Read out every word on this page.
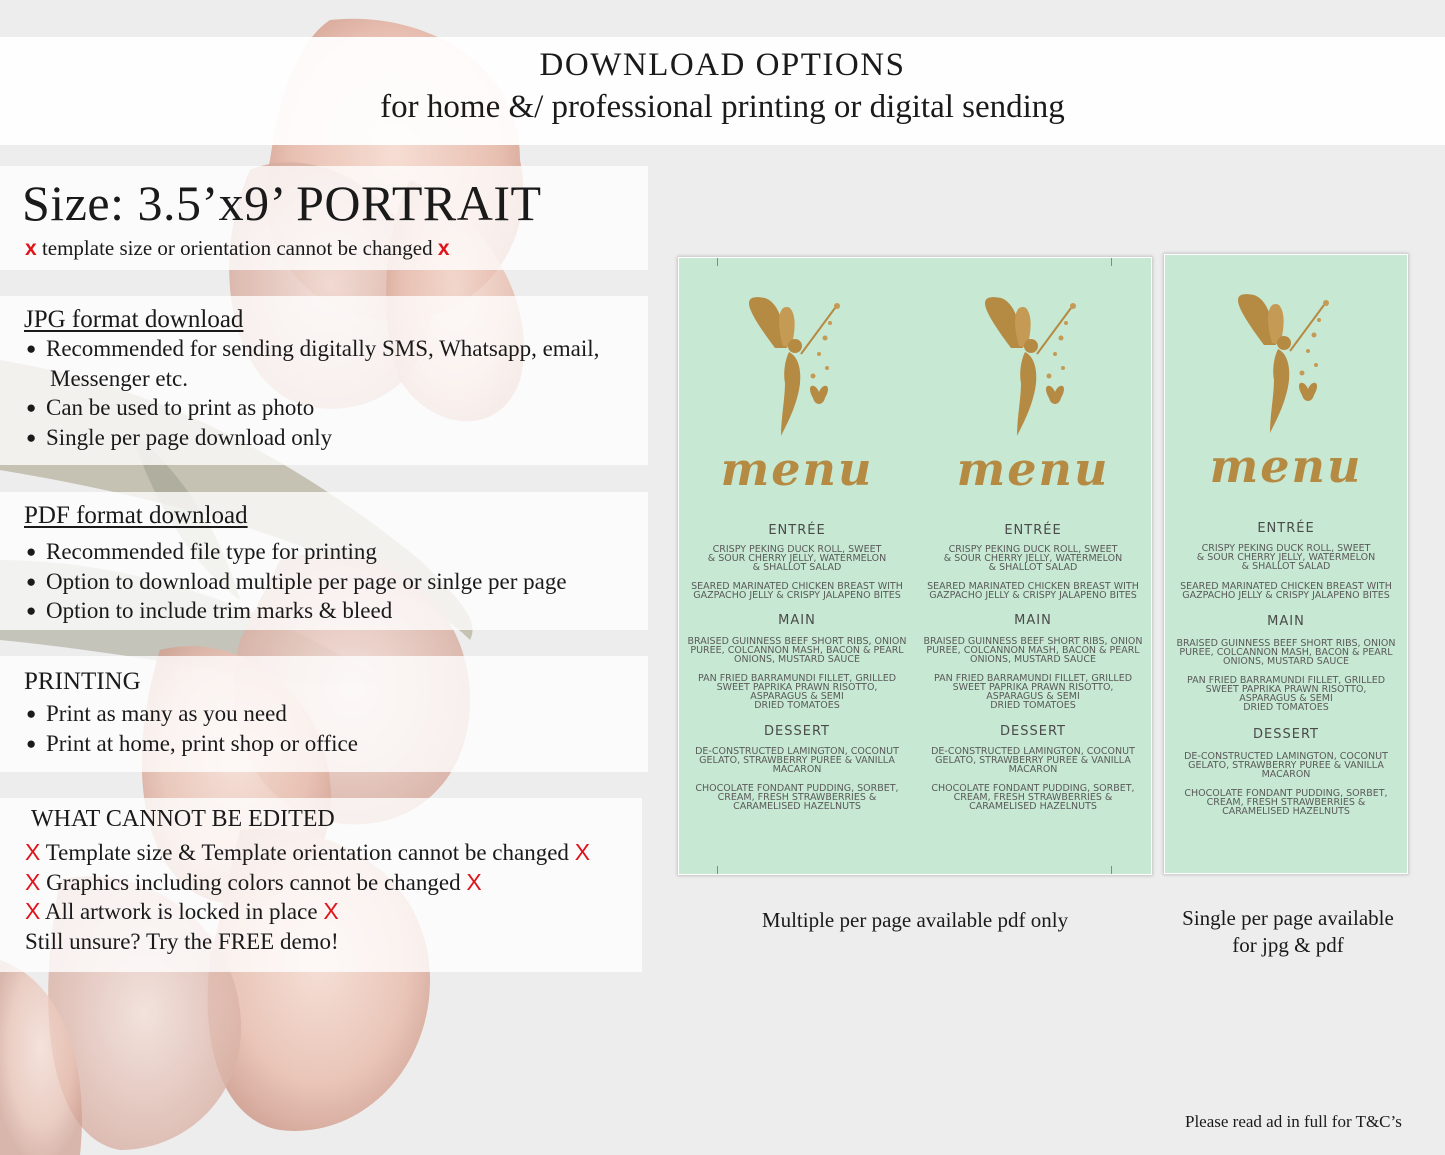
DOWNLOAD OPTIONS
for home &/ professional printing or digital sending
Size: 3.5’x9’ PORTRAIT
x template size or orientation cannot be changed x
JPG format download
● Recommended for sending digitally SMS, Whatsapp, email,
Messenger etc.
● Can be used to print as photo
● Single per page download only
PDF format download
● Recommended file type for printing
● Option to download multiple per page or sinlge per page
● Option to include trim marks & bleed
PRINTING
● Print as many as you need
● Print at home, print shop or office
WHAT CANNOT BE EDITED
X Template size & Template orientation cannot be changed X
X Graphics including colors cannot be changed X
X All artwork is locked in place X
Still unsure? Try the FREE demo!
menu
ENTRÉE
CRISPY PEKING DUCK ROLL, SWEET
& SOUR CHERRY JELLY, WATERMELON
& SHALLOT SALAD
SEARED MARINATED CHICKEN BREAST WITH
GAZPACHO JELLY & CRISPY JALAPENO BITES
MAIN
BRAISED GUINNESS BEEF SHORT RIBS, ONION
PUREE, COLCANNON MASH, BACON & PEARL
ONIONS, MUSTARD SAUCE
PAN FRIED BARRAMUNDI FILLET, GRILLED
SWEET PAPRIKA PRAWN RISOTTO,
ASPARAGUS & SEMI
DRIED TOMATOES
DESSERT
DE-CONSTRUCTED LAMINGTON, COCONUT
GELATO, STRAWBERRY PUREE & VANILLA
MACARON
CHOCOLATE FONDANT PUDDING, SORBET,
CREAM, FRESH STRAWBERRIES &
CARAMELISED HAZELNUTS
menu
ENTRÉE
CRISPY PEKING DUCK ROLL, SWEET
& SOUR CHERRY JELLY, WATERMELON
& SHALLOT SALAD
SEARED MARINATED CHICKEN BREAST WITH
GAZPACHO JELLY & CRISPY JALAPENO BITES
MAIN
BRAISED GUINNESS BEEF SHORT RIBS, ONION
PUREE, COLCANNON MASH, BACON & PEARL
ONIONS, MUSTARD SAUCE
PAN FRIED BARRAMUNDI FILLET, GRILLED
SWEET PAPRIKA PRAWN RISOTTO,
ASPARAGUS & SEMI
DRIED TOMATOES
DESSERT
DE-CONSTRUCTED LAMINGTON, COCONUT
GELATO, STRAWBERRY PUREE & VANILLA
MACARON
CHOCOLATE FONDANT PUDDING, SORBET,
CREAM, FRESH STRAWBERRIES &
CARAMELISED HAZELNUTS
menu
ENTRÉE
CRISPY PEKING DUCK ROLL, SWEET
& SOUR CHERRY JELLY, WATERMELON
& SHALLOT SALAD
SEARED MARINATED CHICKEN BREAST WITH
GAZPACHO JELLY & CRISPY JALAPENO BITES
MAIN
BRAISED GUINNESS BEEF SHORT RIBS, ONION
PUREE, COLCANNON MASH, BACON & PEARL
ONIONS, MUSTARD SAUCE
PAN FRIED BARRAMUNDI FILLET, GRILLED
SWEET PAPRIKA PRAWN RISOTTO,
ASPARAGUS & SEMI
DRIED TOMATOES
DESSERT
DE-CONSTRUCTED LAMINGTON, COCONUT
GELATO, STRAWBERRY PUREE & VANILLA
MACARON
CHOCOLATE FONDANT PUDDING, SORBET,
CREAM, FRESH STRAWBERRIES &
CARAMELISED HAZELNUTS
Multiple per page available pdf only	Single per page available
for jpg & pdf
Please read ad in full for T&C’s
